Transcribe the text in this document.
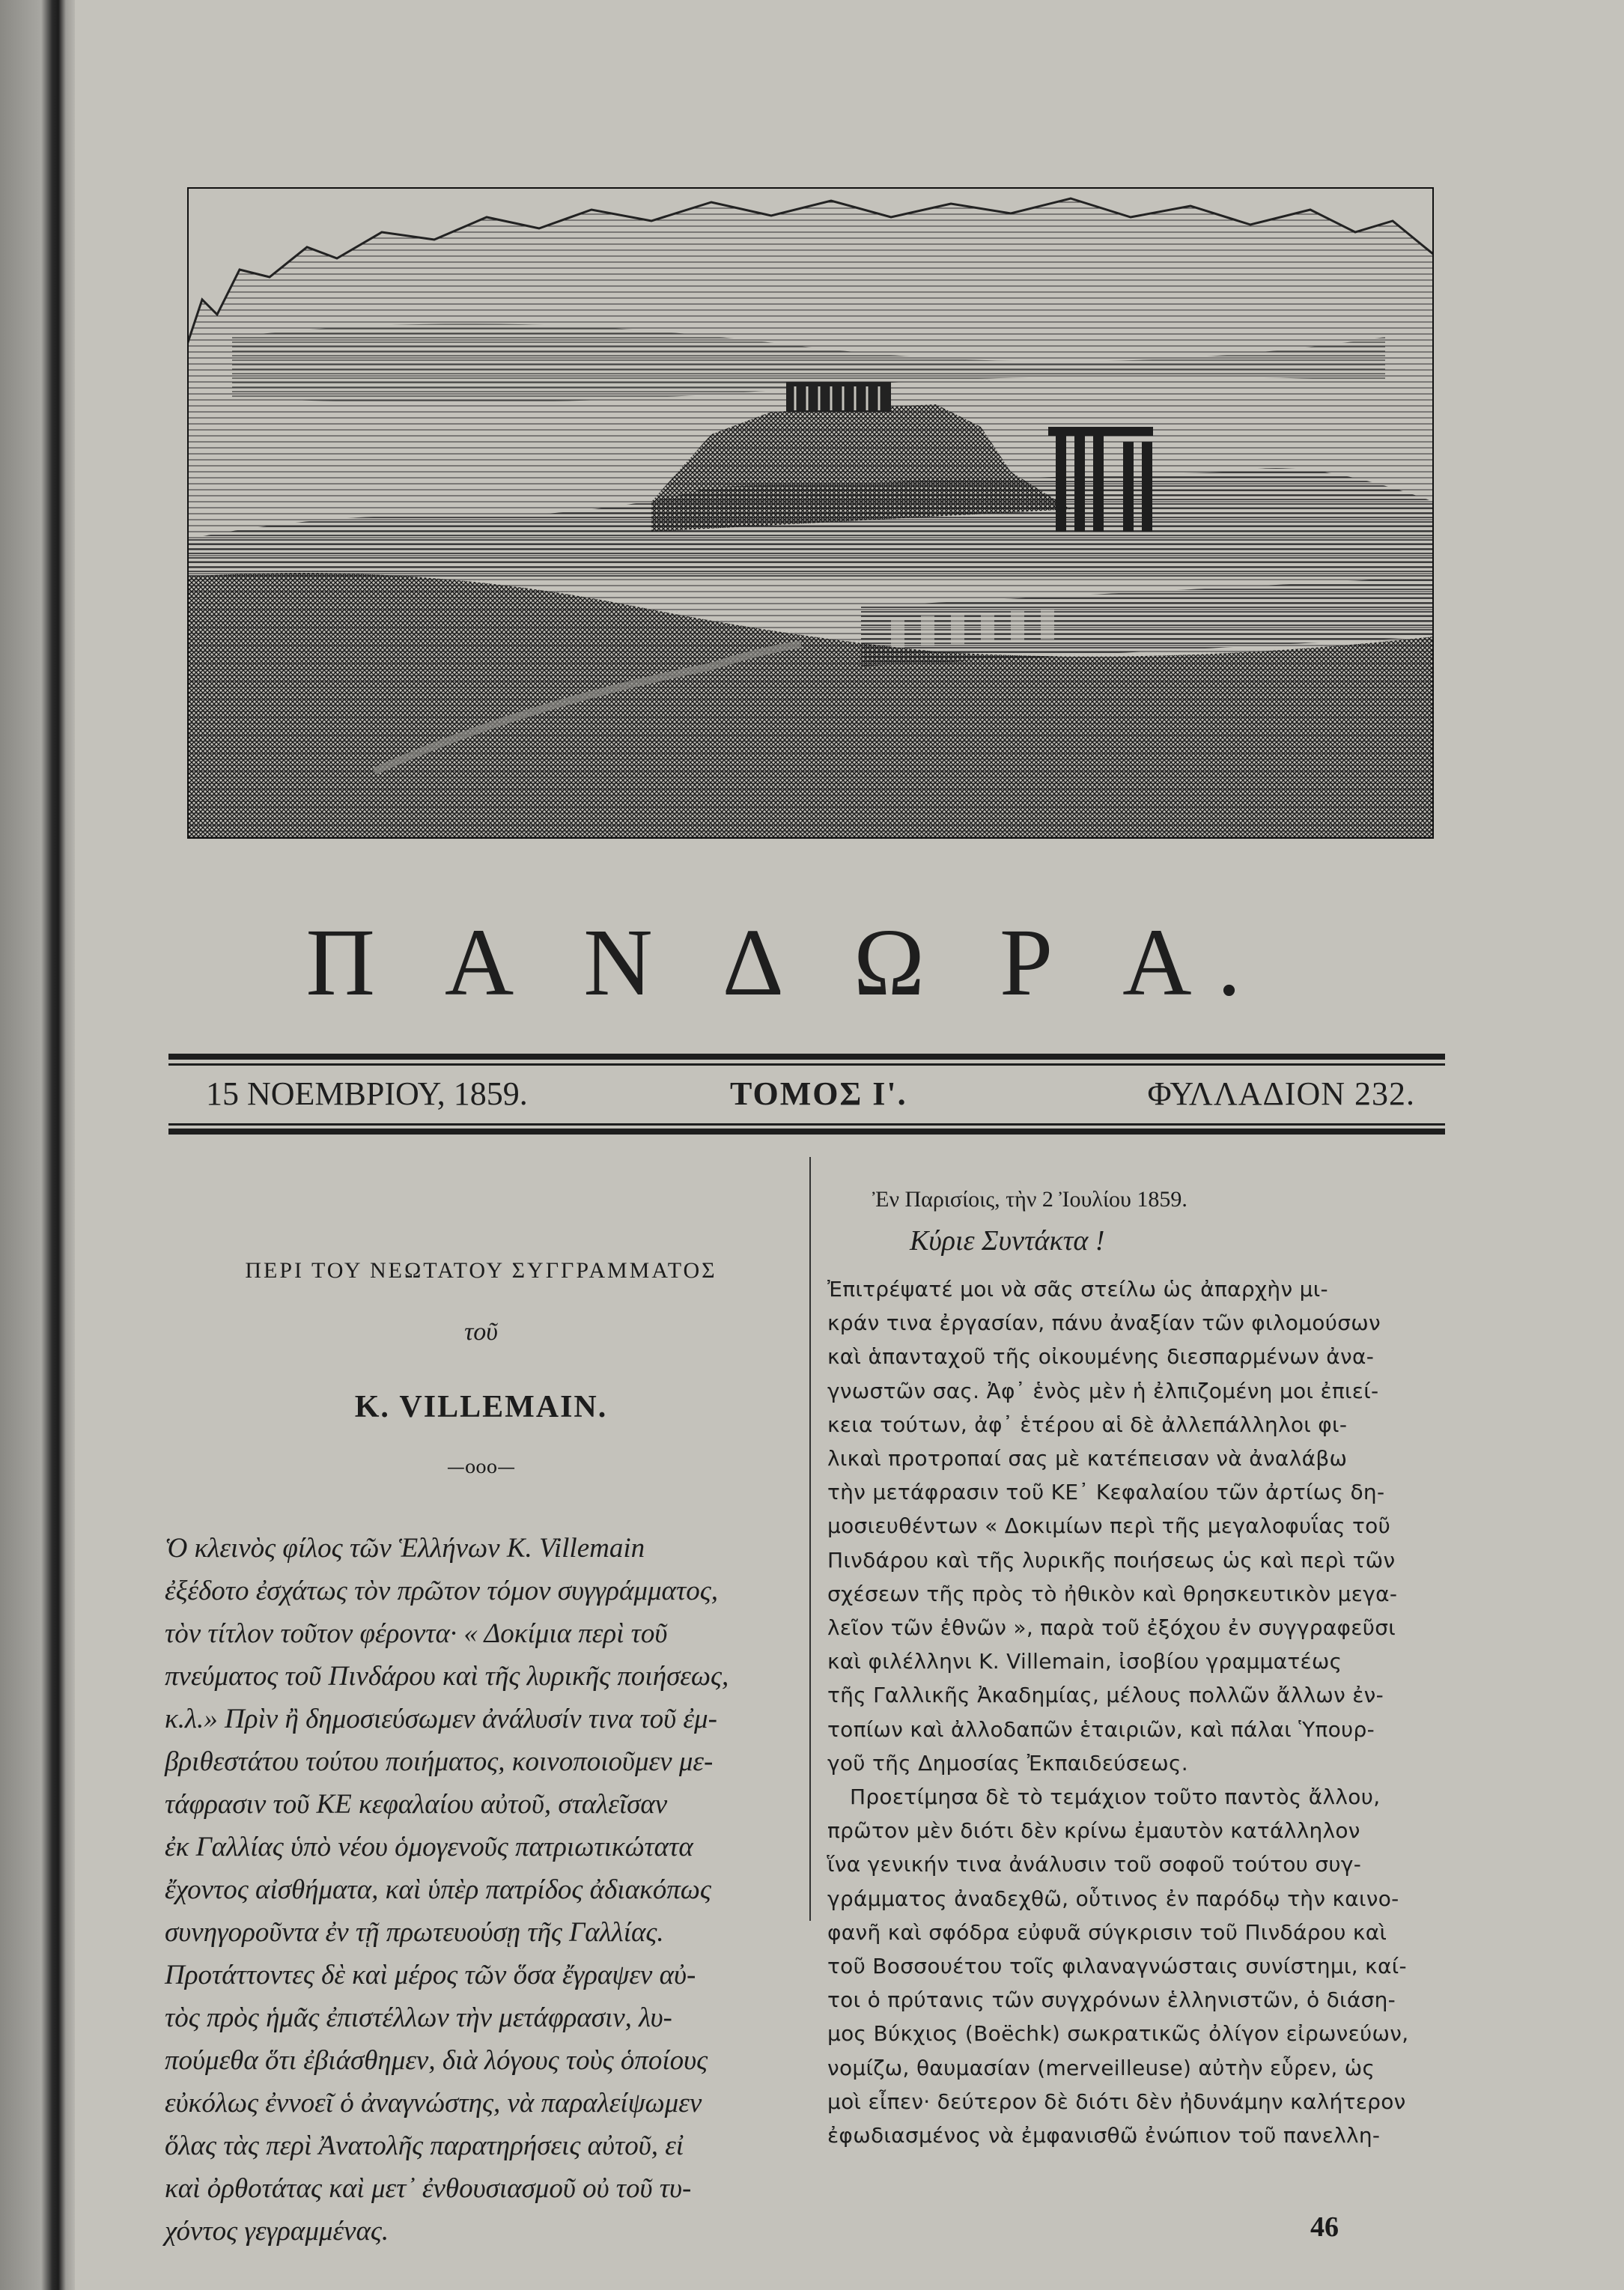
Π Α Ν Δ Ω Ρ Α.
15 ΝΟΕΜΒΡΙΟΥ, 1859.	ΤΟΜΟΣ Ι'.	ΦΥΛΛΑΔΙΟΝ 232.
ΠΕΡΙ ΤΟΥ ΝΕΩΤΑΤΟΥ ΣΥΓΓΡΑΜΜΑΤΟΣ
τοῦ
Κ. VILLEMAIN.
—ooo—
Ὁ κλεινὸς φίλος τῶν Ἑλλήνων Κ. Villemain
ἐξέδοτο ἐσχάτως τὸν πρῶτον τόμον συγγράμματος,
τὸν τίτλον τοῦτον φέροντα· « Δοκίμια περὶ τοῦ
πνεύματος τοῦ Πινδάρου καὶ τῆς λυρικῆς ποιήσεως,
κ.λ.» Πρὶν ἢ δημοσιεύσωμεν ἀνάλυσίν τινα τοῦ ἐμ-
βριθεστάτου τούτου ποιήματος, κοινοποιοῦμεν με-
τάφρασιν τοῦ ΚΕ κεφαλαίου αὐτοῦ, σταλεῖσαν
ἐκ Γαλλίας ὑπὸ νέου ὁμογενοῦς πατριωτικώτατα
ἔχοντος αἰσθήματα, καὶ ὑπὲρ πατρίδος ἀδιακόπως
συνηγοροῦντα ἐν τῇ πρωτευούσῃ τῆς Γαλλίας.
Προτάττοντες δὲ καὶ μέρος τῶν ὅσα ἔγραψεν αὐ-
τὸς πρὸς ἡμᾶς ἐπιστέλλων τὴν μετάφρασιν, λυ-
πούμεθα ὅτι ἐβιάσθημεν, διὰ λόγους τοὺς ὁποίους
εὐκόλως ἐννοεῖ ὁ ἀναγνώστης, νὰ παραλείψωμεν
ὅλας τὰς περὶ Ἀνατολῆς παρατηρήσεις αὐτοῦ, εἰ
καὶ ὀρθοτάτας καὶ μετ᾽ ἐνθουσιασμοῦ οὐ τοῦ τυ-
χόντος γεγραμμένας.
Ἐν Παρισίοις, τὴν 2 Ἰουλίου 1859.
Κύριε Συντάκτα !
Ἐπιτρέψατέ μοι νὰ σᾶς στείλω ὡς ἀπαρχὴν μι-
κράν τινα ἐργασίαν, πάνυ ἀναξίαν τῶν φιλομούσων
καὶ ἁπανταχοῦ τῆς οἰκουμένης διεσπαρμένων ἀνα-
γνωστῶν σας. Ἀφ᾽ ἑνὸς μὲν ἡ ἐλπιζομένη μοι ἐπιεί-
κεια τούτων, ἀφ᾽ ἑτέρου αἱ δὲ ἀλλεπάλληλοι φι-
λικαὶ προτροπαί σας μὲ κατέπεισαν νὰ ἀναλάβω
τὴν μετάφρασιν τοῦ ΚΕ᾽ Κεφαλαίου τῶν ἀρτίως δη-
μοσιευθέντων « Δοκιμίων περὶ τῆς μεγαλοφυΐας τοῦ
Πινδάρου καὶ τῆς λυρικῆς ποιήσεως ὡς καὶ περὶ τῶν
σχέσεων τῆς πρὸς τὸ ἠθικὸν καὶ θρησκευτικὸν μεγα-
λεῖον τῶν ἐθνῶν », παρὰ τοῦ ἐξόχου ἐν συγγραφεῦσι
καὶ φιλέλληνι Κ. Villemain, ἰσοβίου γραμματέως
τῆς Γαλλικῆς Ἀκαδημίας, μέλους πολλῶν ἄλλων ἐν-
τοπίων καὶ ἀλλοδαπῶν ἑταιριῶν, καὶ πάλαι Ὑπουρ-
γοῦ τῆς Δημοσίας Ἐκπαιδεύσεως.
Προετίμησα δὲ τὸ τεμάχιον τοῦτο παντὸς ἄλλου,
πρῶτον μὲν διότι δὲν κρίνω ἐμαυτὸν κατάλληλον
ἵνα γενικήν τινα ἀνάλυσιν τοῦ σοφοῦ τούτου συγ-
γράμματος ἀναδεχθῶ, οὗτινος ἐν παρόδῳ τὴν καινο-
φανῆ καὶ σφόδρα εὐφυᾶ σύγκρισιν τοῦ Πινδάρου καὶ
τοῦ Βοσσουέτου τοῖς φιλαναγνώσταις συνίστημι, καί-
τοι ὁ πρύτανις τῶν συγχρόνων ἑλληνιστῶν, ὁ διάση-
μος Βύκχιος (Boëchk) σωκρατικῶς ὀλίγον εἰρωνεύων,
νομίζω, θαυμασίαν (merveilleuse) αὐτὴν εὗρεν, ὡς
μοὶ εἶπεν· δεύτερον δὲ διότι δὲν ἠδυνάμην καλήτερον
ἐφωδιασμένος νὰ ἐμφανισθῶ ἐνώπιον τοῦ πανελλη-
46
